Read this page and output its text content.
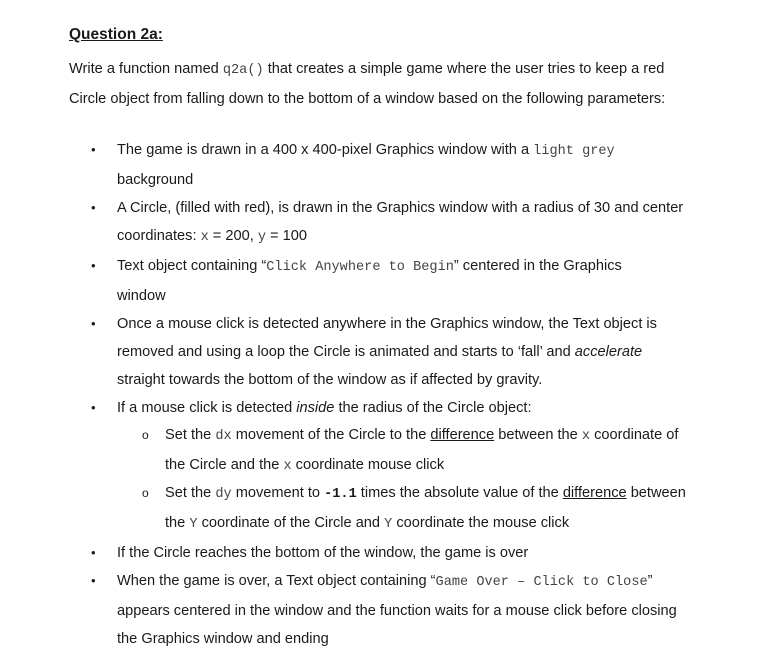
Question 2a:
Write a function named q2a() that creates a simple game where the user tries to keep a red
Circle object from falling down to the bottom of a window based on the following parameters:
• The game is drawn in a 400 x 400-pixel Graphics window with a light grey
background
• A Circle, (filled with red), is drawn in the Graphics window with a radius of 30 and center
coordinates: x = 200, y = 100
• Text object containing “Click Anywhere to Begin” centered in the Graphics
window
• Once a mouse click is detected anywhere in the Graphics window, the Text object is
removed and using a loop the Circle is animated and starts to ‘fall’ and accelerate
straight towards the bottom of the window as if affected by gravity.
• If a mouse click is detected inside the radius of the Circle object:
o Set the dx movement of the Circle to the difference between the x coordinate of
the Circle and the x coordinate mouse click
o Set the dy movement to -1.1 times the absolute value of the difference between
the Y coordinate of the Circle and Y coordinate the mouse click
• If the Circle reaches the bottom of the window, the game is over
• When the game is over, a Text object containing “Game Over – Click to Close”
appears centered in the window and the function waits for a mouse click before closing
the Graphics window and ending
